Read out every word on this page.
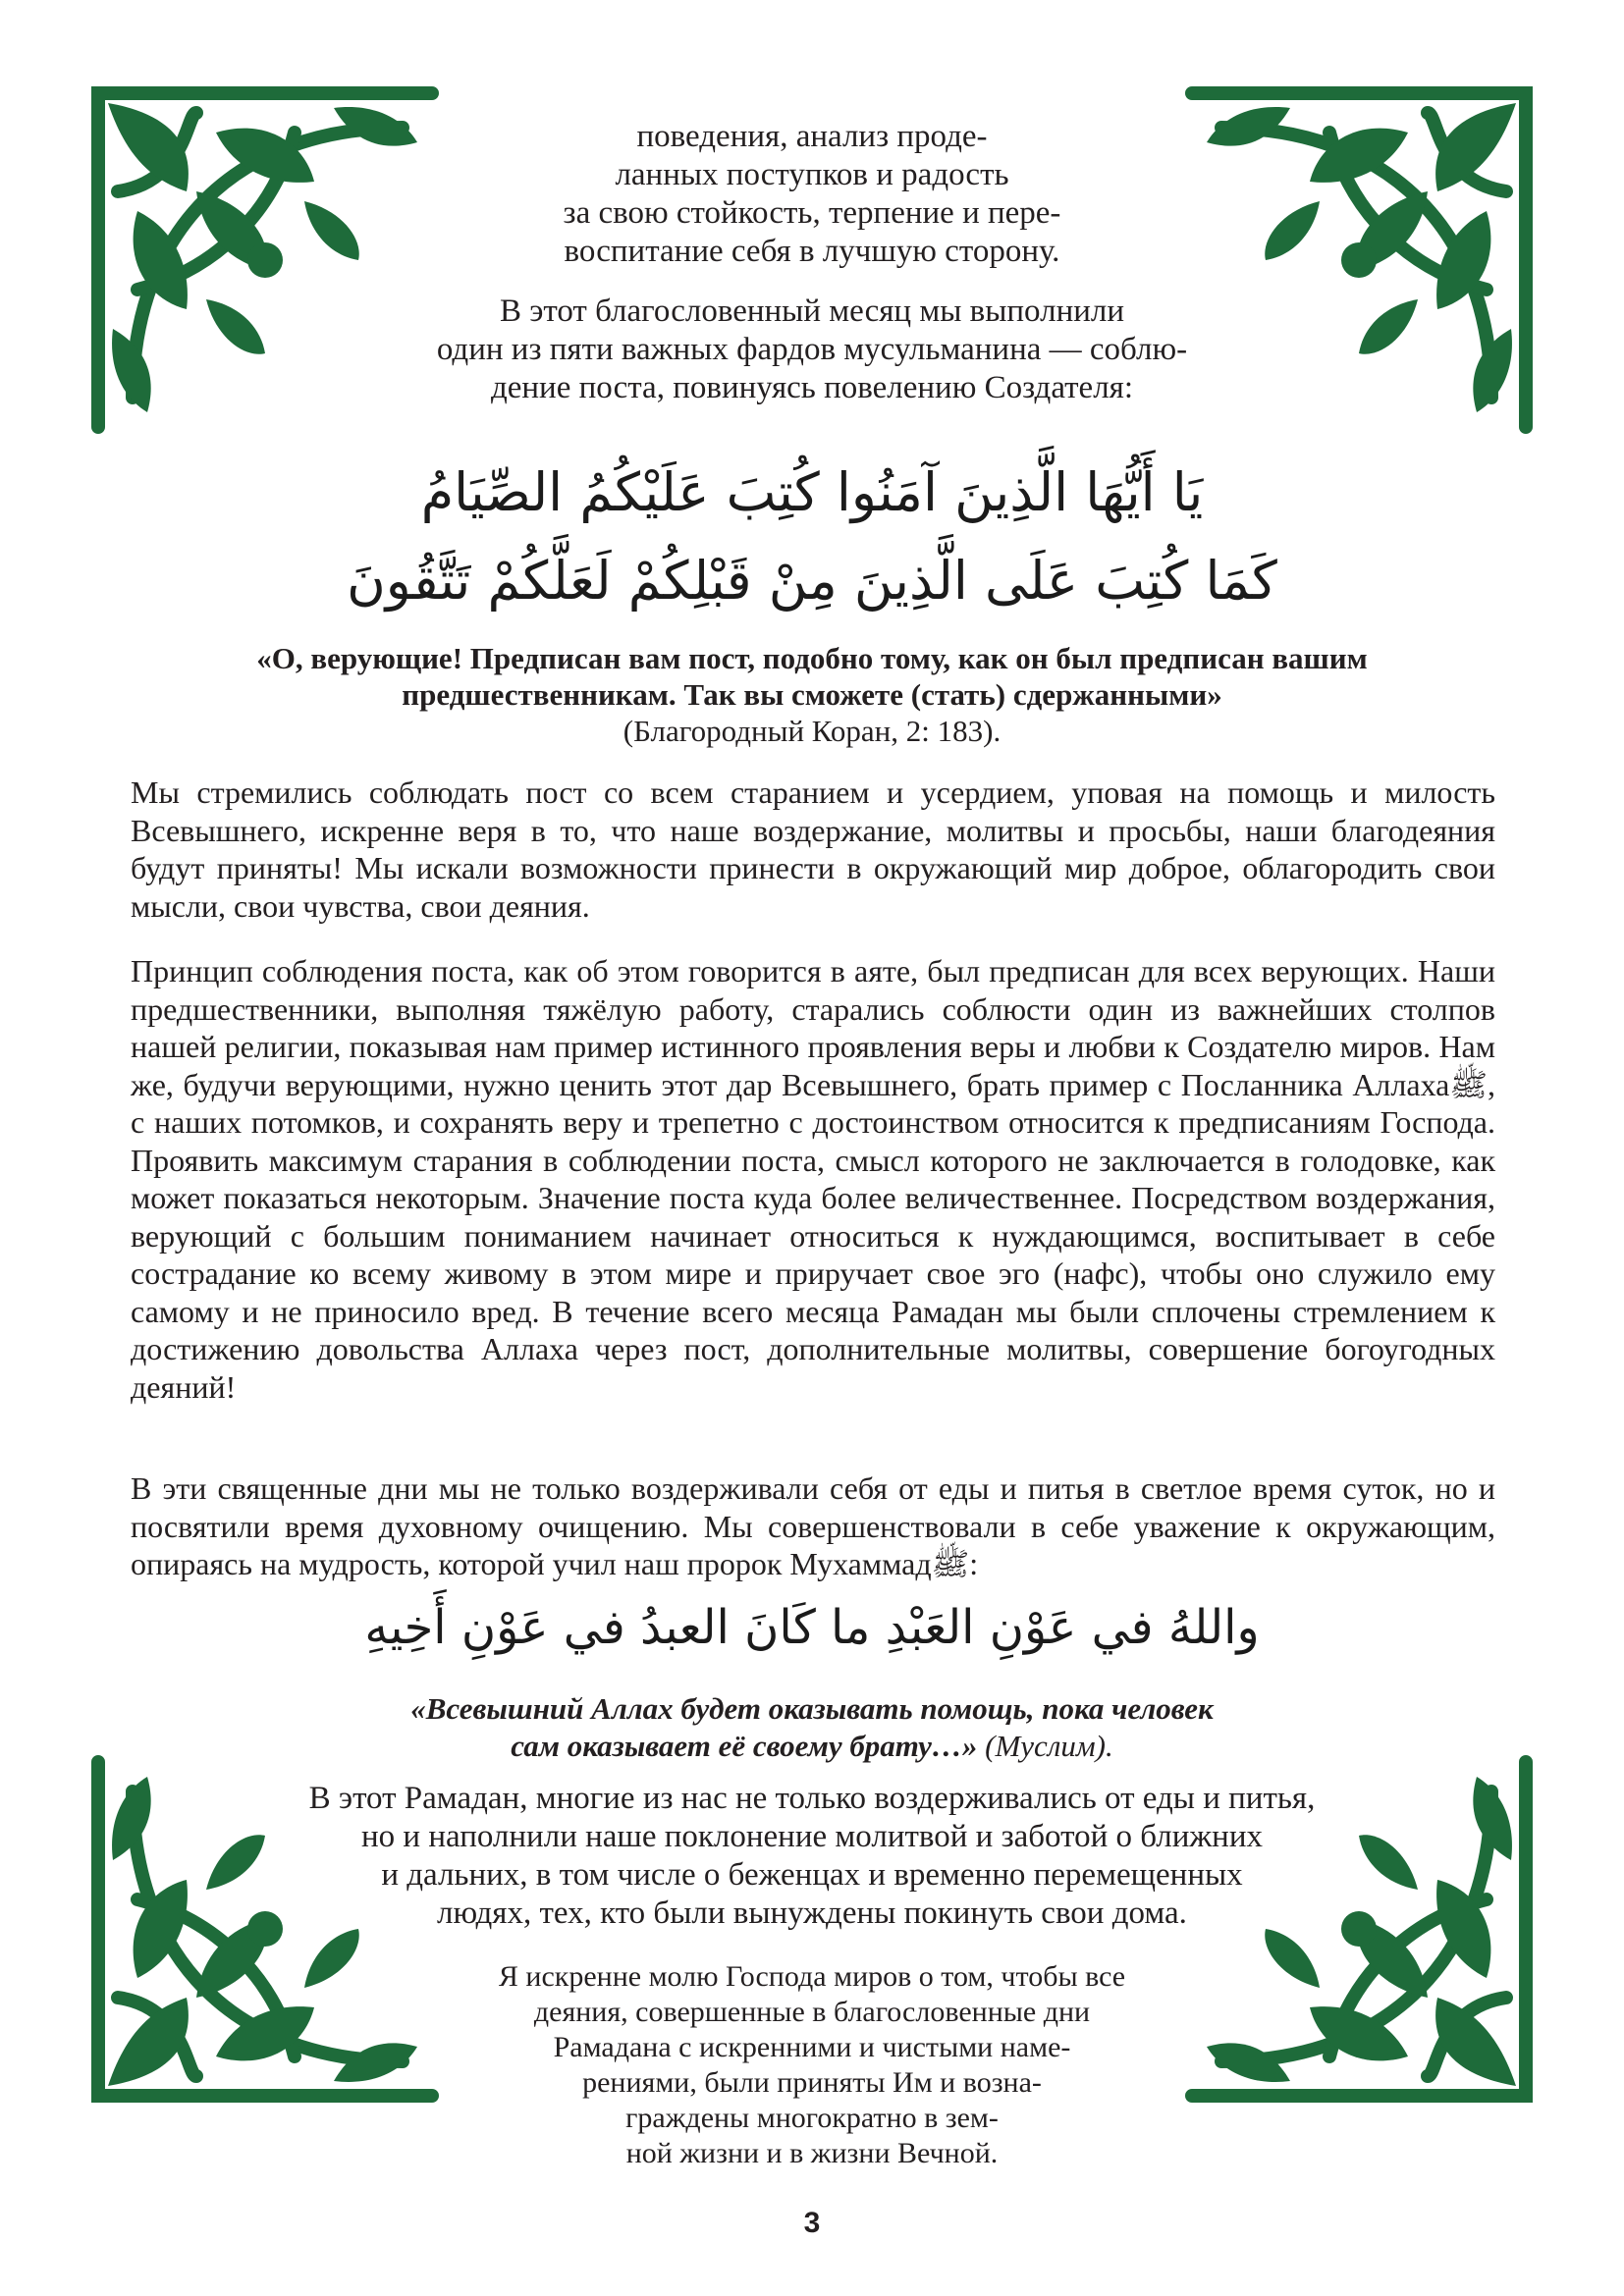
поведения, анализ проде-
ланных поступков и радость
за свою стойкость, терпение и пере-
воспитание себя в лучшую сторону.
В этот благословенный месяц мы выполнили
один из пяти важных фардов мусульманина — соблю-
дение поста, повинуясь повелению Создателя:
يَا أَيُّهَا الَّذِينَ آمَنُوا كُتِبَ عَلَيْكُمُ الصِّيَامُ
كَمَا كُتِبَ عَلَى الَّذِينَ مِنْ قَبْلِكُمْ لَعَلَّكُمْ تَتَّقُونَ
«О, верующие! Предписан вам пост, подобно тому, как он был предписан вашим
предшественникам. Так вы сможете (стать) сдержанными»
(Благородный Коран, 2: 183).

Мы стремились соблюдать пост со всем старанием и усердием, уповая на помощь и милость Всевышнего, искренне веря в то, что наше воздержание, молитвы и просьбы, наши благодеяния будут приняты! Мы искали возможности принести в окружающий мир доброе, облагородить свои мысли, свои чувства, свои деяния.

Принцип соблюдения поста, как об этом говорится в аяте, был предписан для всех верующих. Наши предшественники, выполняя тяжёлую работу, старались соблюсти один из важнейших столпов нашей религии, показывая нам пример истинного проявления веры и любви к Создателю миров. Нам же, будучи верующими, нужно ценить этот дар Всевышнего, брать пример с Посланника Аллахаﷺ, с наших потомков, и сохранять веру и трепетно с достоинством относится к предписаниям Господа. Проявить максимум старания в соблюдении поста, смысл которого не заключается в голодовке, как может показаться некоторым. Значение поста куда более величественнее. Посредством воздержания, верующий с большим пониманием начинает относиться к нуждающимся, воспитывает в себе сострадание ко всему живому в этом мире и приручает свое эго (нафс), чтобы оно служило ему самому и не приносило вред. В течение всего месяца Рамадан мы были сплочены стремлением к достижению довольства Аллаха через пост, дополнительные молитвы, совершение богоугодных деяний!

В эти священные дни мы не только воздерживали себя от еды и питья в светлое время суток, но и посвятили время духовному очищению. Мы совершенствовали в себе уважение к окружающим, опираясь на мудрость, которой учил наш пророк Мухаммадﷺ:

واللهُ في عَوْنِ العَبْدِ ما كَانَ العبدُ في عَوْنِ أَخِيهِ
«Всевышний Аллах будет оказывать помощь, пока человек
сам оказывает её своему брату…» (Муслим).
В этот Рамадан, многие из нас не только воздерживались от еды и питья,
но и наполнили наше поклонение молитвой и заботой о ближних
и дальних, в том числе о беженцах и временно перемещенных
людях, тех, кто были вынуждены покинуть свои дома.
Я искренне молю Господа миров о том, чтобы все
деяния, совершенные в благословенные дни
Рамадана с искренними и чистыми наме-
рениями, были приняты Им и возна-
граждены многократно в зем-
ной жизни и в жизни Вечной.
3
